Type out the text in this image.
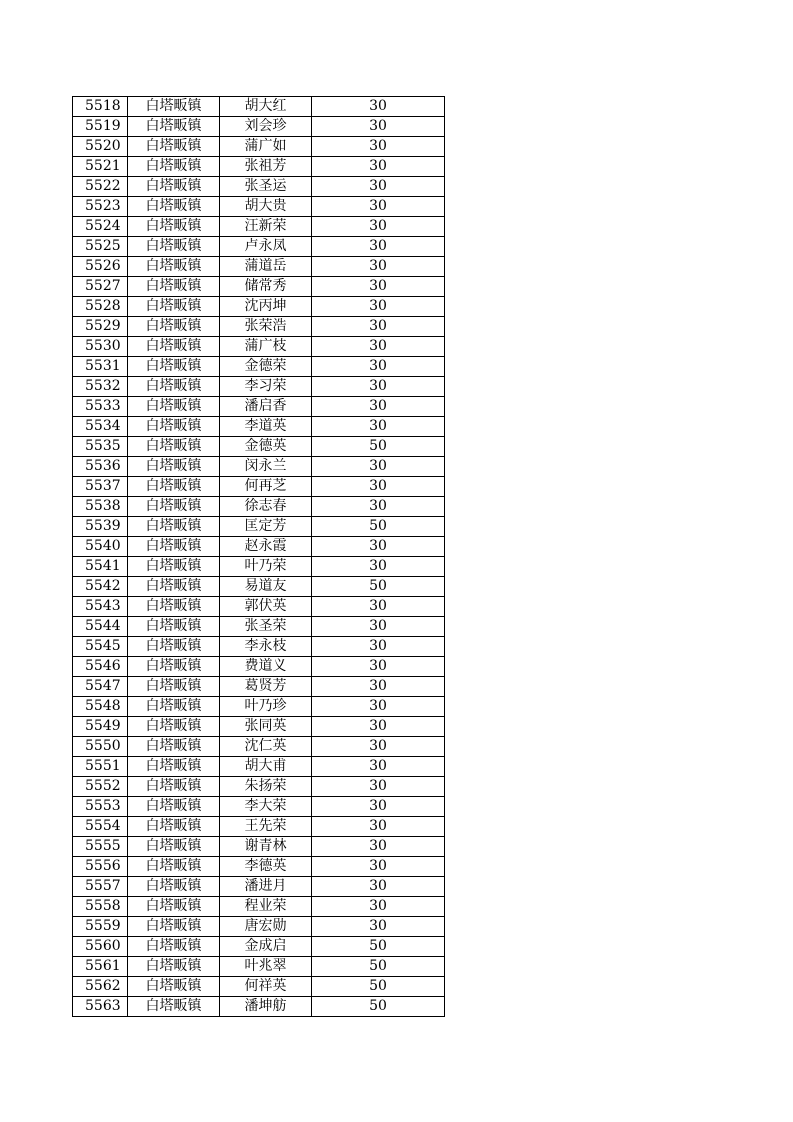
5518	白塔畈镇	胡大红	30
5519	白塔畈镇	刘会珍	30
5520	白塔畈镇	蒲广如	30
5521	白塔畈镇	张祖芳	30
5522	白塔畈镇	张圣运	30
5523	白塔畈镇	胡大贵	30
5524	白塔畈镇	汪新荣	30
5525	白塔畈镇	卢永凤	30
5526	白塔畈镇	蒲道岳	30
5527	白塔畈镇	储常秀	30
5528	白塔畈镇	沈丙坤	30
5529	白塔畈镇	张荣浩	30
5530	白塔畈镇	蒲广枝	30
5531	白塔畈镇	金德荣	30
5532	白塔畈镇	李习荣	30
5533	白塔畈镇	潘启香	30
5534	白塔畈镇	李道英	30
5535	白塔畈镇	金德英	50
5536	白塔畈镇	闵永兰	30
5537	白塔畈镇	何再芝	30
5538	白塔畈镇	徐志春	30
5539	白塔畈镇	匡定芳	50
5540	白塔畈镇	赵永霞	30
5541	白塔畈镇	叶乃荣	30
5542	白塔畈镇	易道友	50
5543	白塔畈镇	郭伏英	30
5544	白塔畈镇	张圣荣	30
5545	白塔畈镇	李永枝	30
5546	白塔畈镇	费道义	30
5547	白塔畈镇	葛贤芳	30
5548	白塔畈镇	叶乃珍	30
5549	白塔畈镇	张同英	30
5550	白塔畈镇	沈仁英	30
5551	白塔畈镇	胡大甫	30
5552	白塔畈镇	朱扬荣	30
5553	白塔畈镇	李大荣	30
5554	白塔畈镇	王先荣	30
5555	白塔畈镇	谢青林	30
5556	白塔畈镇	李德英	30
5557	白塔畈镇	潘进月	30
5558	白塔畈镇	程业荣	30
5559	白塔畈镇	唐宏勋	30
5560	白塔畈镇	金成启	50
5561	白塔畈镇	叶兆翠	50
5562	白塔畈镇	何祥英	50
5563	白塔畈镇	潘坤舫	50
